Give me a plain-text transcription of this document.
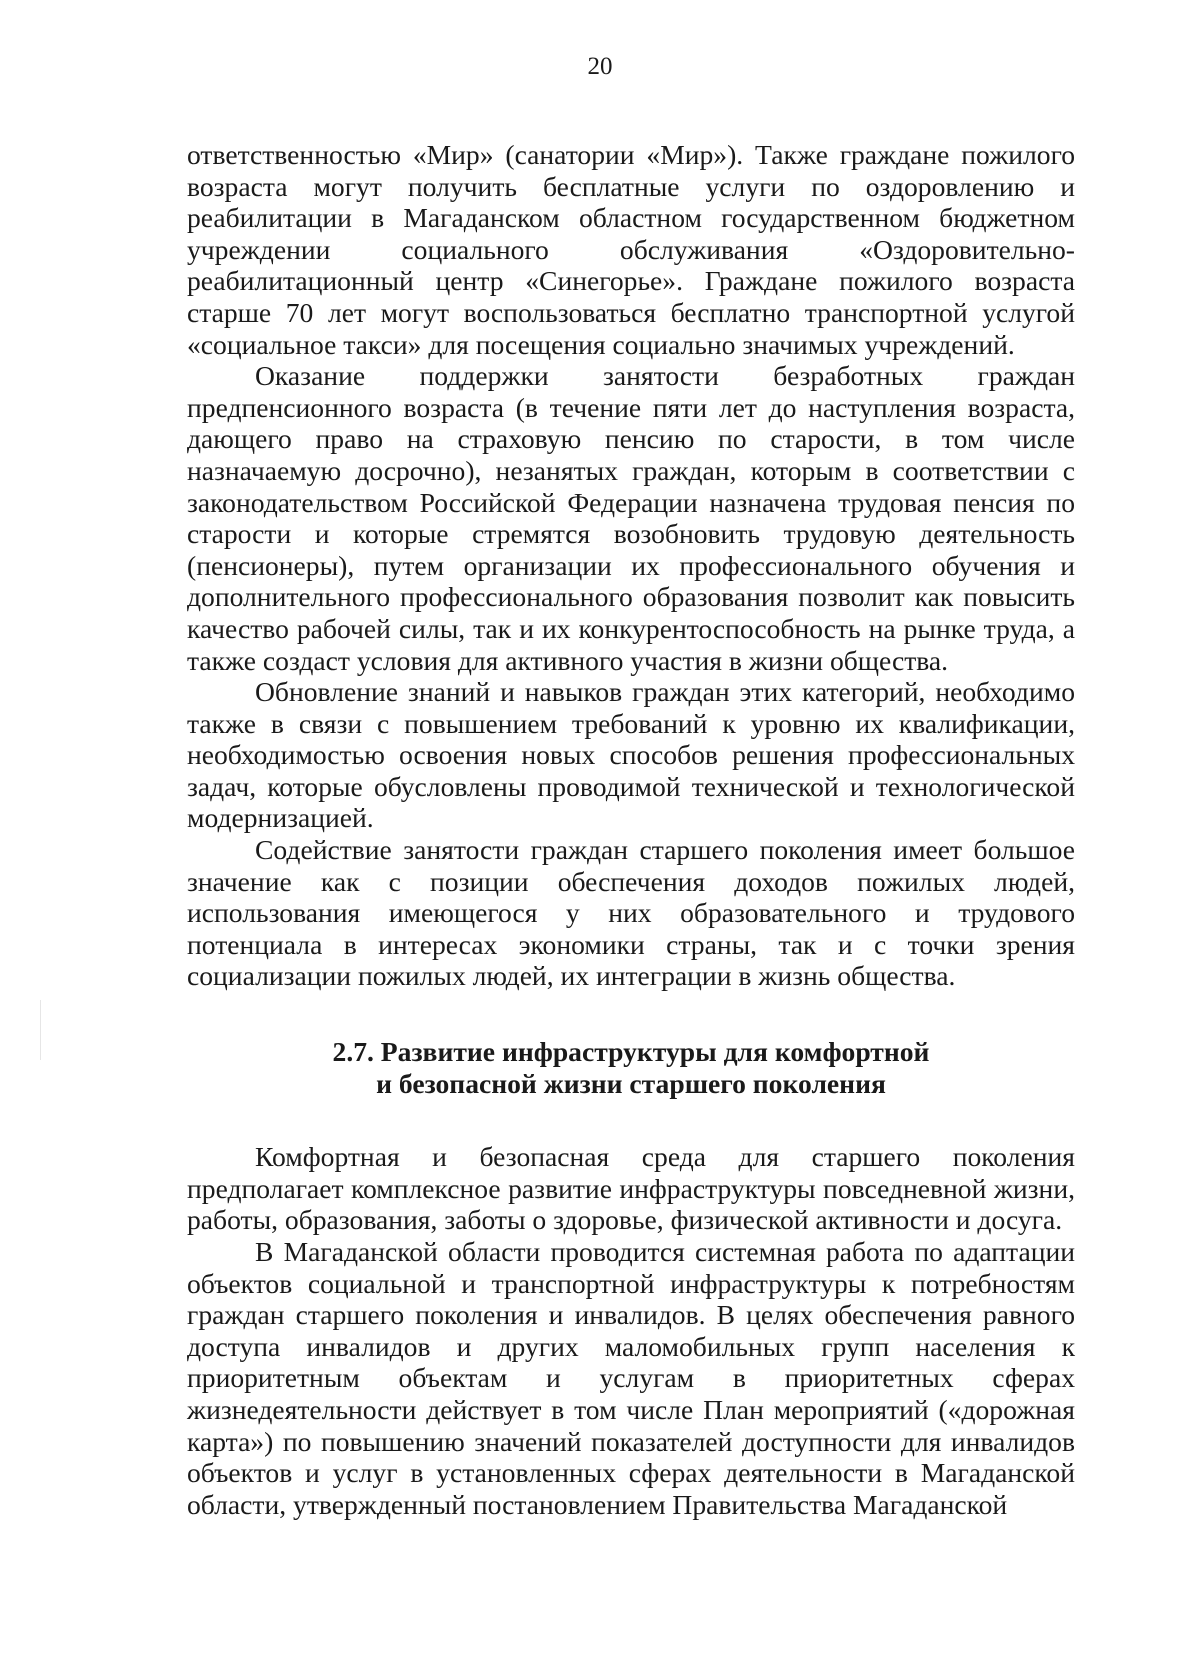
20

ответственностью «Мир» (санатории «Мир»). Также граждане пожилого возраста могут получить бесплатные услуги по оздоровлению и реабилитации в Магаданском областном государственном бюджетном учреждении социального обслуживания «Оздоровительно-реабилитационный центр «Синегорье». Граждане пожилого возраста старше 70 лет могут воспользоваться бесплатно транспортной услугой «социальное такси» для посещения социально значимых учреждений.

Оказание поддержки занятости безработных граждан предпенсионного возраста (в течение пяти лет до наступления возраста, дающего право на страховую пенсию по старости, в том числе назначаемую досрочно), незанятых граждан, которым в соответствии с законодательством Российской Федерации назначена трудовая пенсия по старости и которые стремятся возобновить трудовую деятельность (пенсионеры), путем организации их профессионального обучения и дополнительного профессионального образования позволит как повысить качество рабочей силы, так и их конкурентоспособность на рынке труда, а также создаст условия для активного участия в жизни общества.

Обновление знаний и навыков граждан этих категорий, необходимо также в связи с повышением требований к уровню их квалификации, необходимостью освоения новых способов решения профессиональных задач, которые обусловлены проводимой технической и технологической модернизацией.

Содействие занятости граждан старшего поколения имеет большое значение как с позиции обеспечения доходов пожилых людей, использования имеющегося у них образовательного и трудового потенциала в интересах экономики страны, так и с точки зрения социализации пожилых людей, их интеграции в жизнь общества.

2.7. Развитие инфраструктуры для комфортной
и безопасной жизни старшего поколения

Комфортная и безопасная среда для старшего поколения предполагает комплексное развитие инфраструктуры повседневной жизни, работы, образования, заботы о здоровье, физической активности и досуга.

В Магаданской области проводится системная работа по адаптации объектов социальной и транспортной инфраструктуры к потребностям граждан старшего поколения и инвалидов. В целях обеспечения равного доступа инвалидов и других маломобильных групп населения к приоритетным объектам и услугам в приоритетных сферах жизнедеятельности действует в том числе План мероприятий («дорожная карта») по повышению значений показателей доступности для инвалидов объектов и услуг в установленных сферах деятельности в Магаданской области, утвержденный постановлением Правительства Магаданской
